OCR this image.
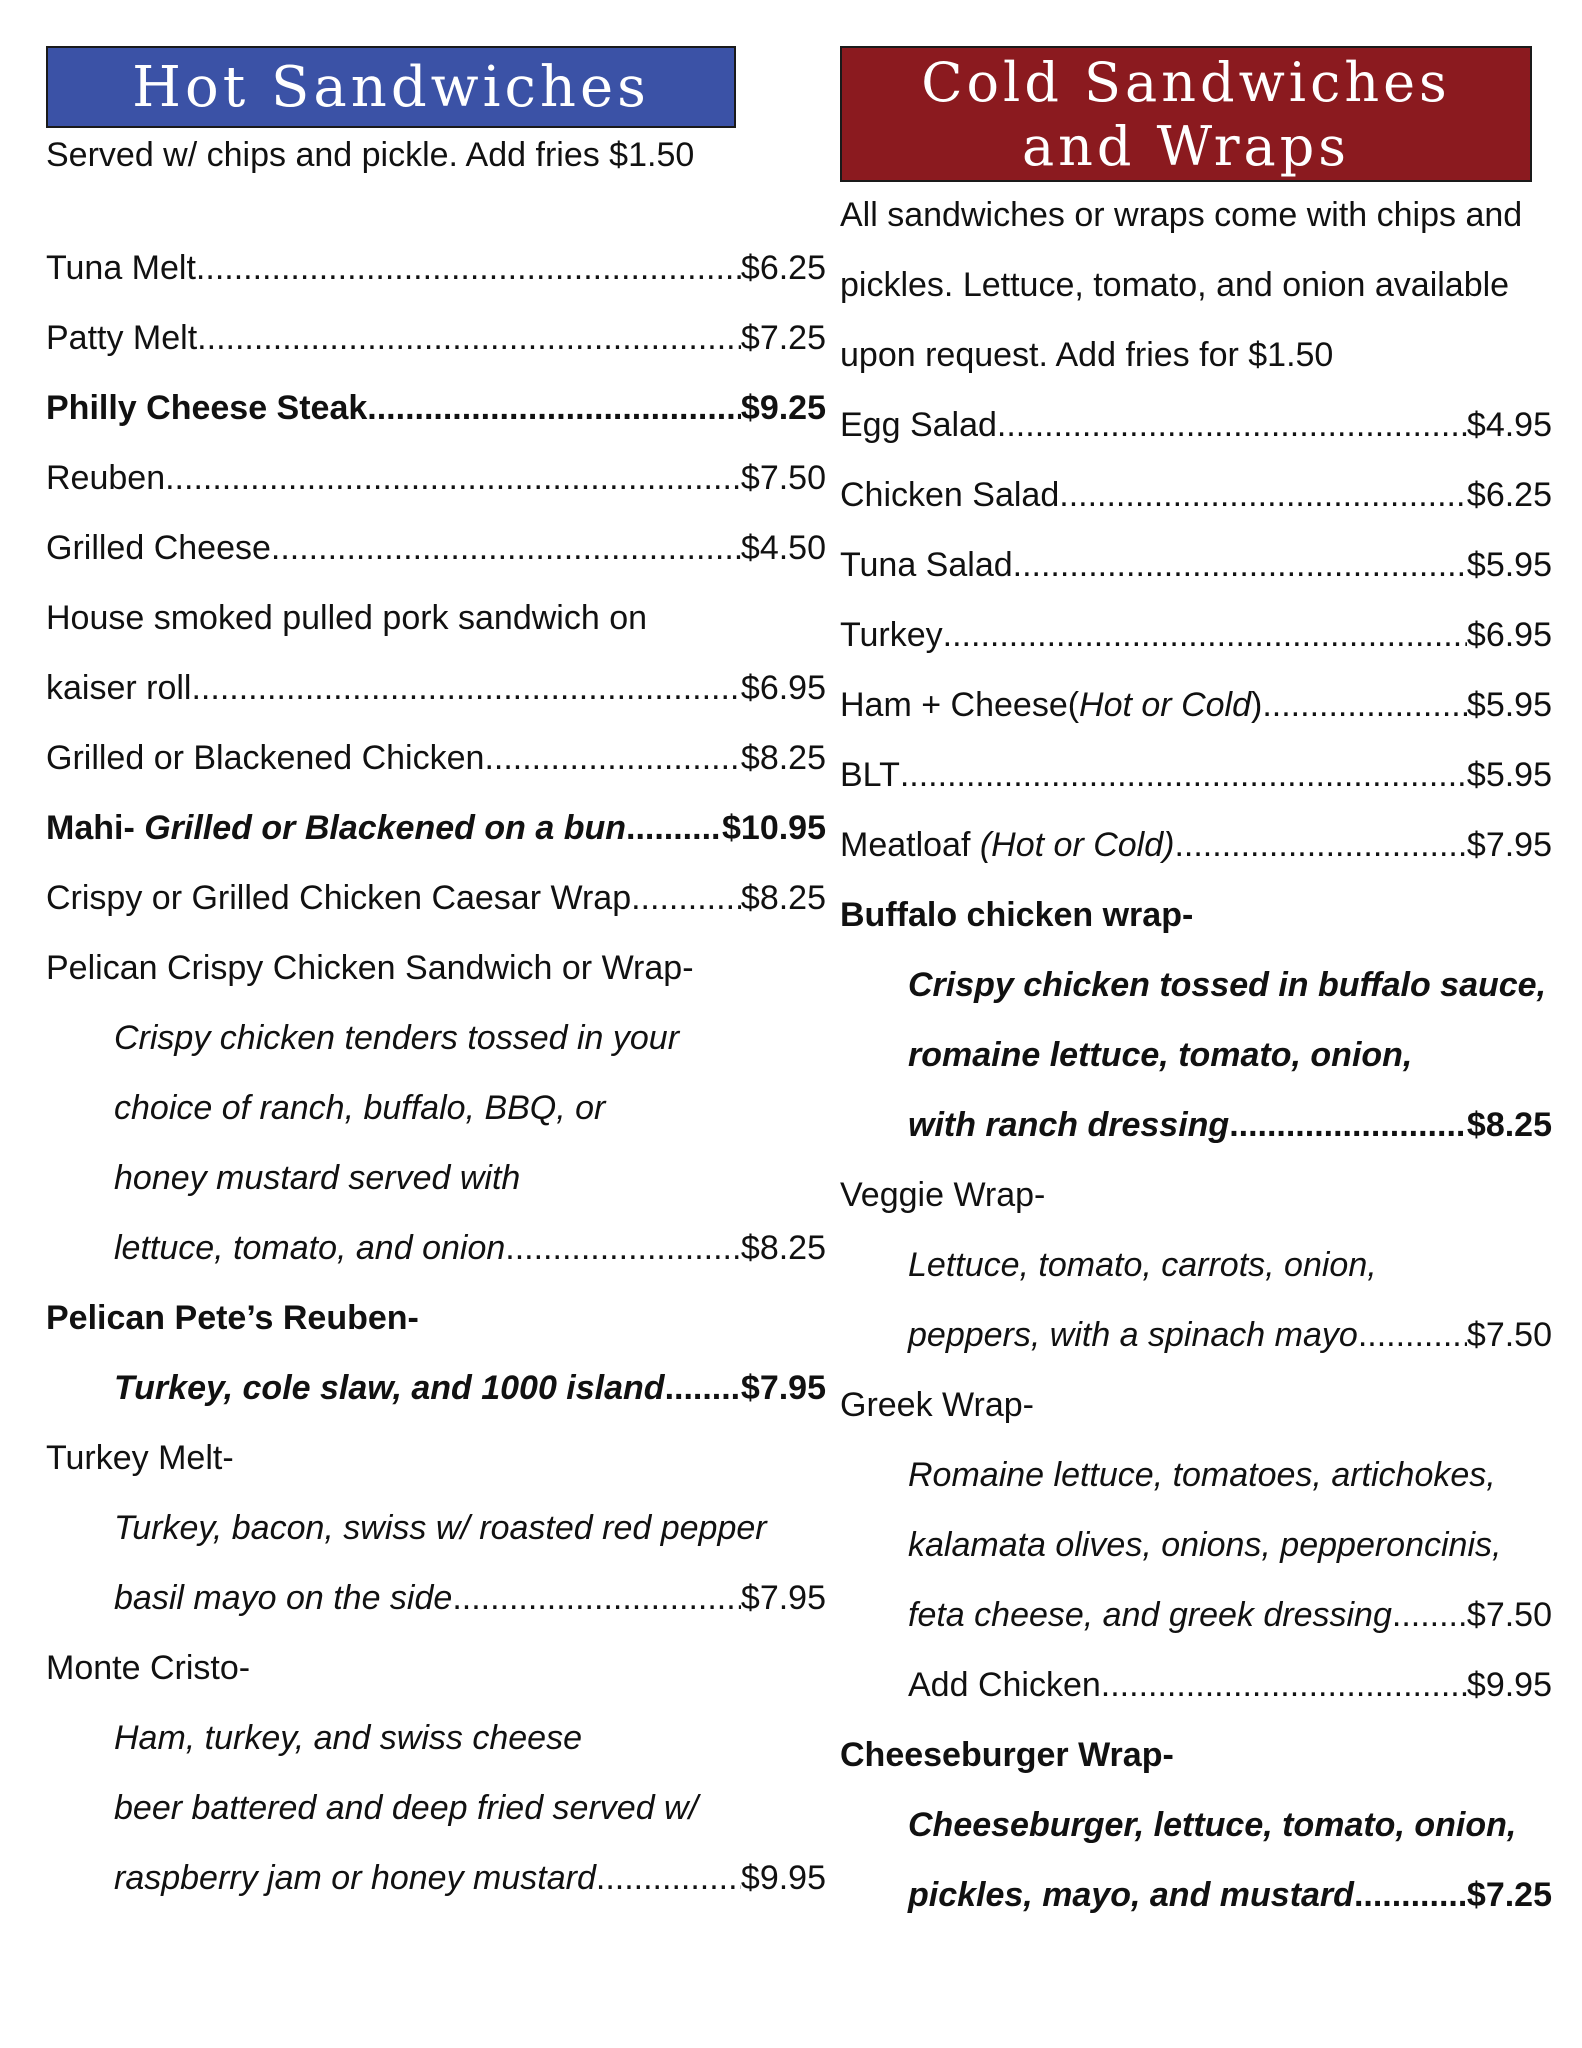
Hot Sandwiches
Served w/ chips and pickle. Add fries $1.50
Tuna Melt .....	$6.25
Patty Melt .....	$7.25
Philly Cheese Steak .....	$9.25
Reuben .....	$7.50
Grilled Cheese .....	$4.50
House smoked pulled pork sandwich on
kaiser roll .....	$6.95
Grilled or Blackened Chicken .....	$8.25
Mahi-
Grilled or Blackened on a bun .....	$10.95
Crispy or Grilled Chicken Caesar Wrap .....	$8.25
Pelican Crispy Chicken Sandwich or Wrap-
Crispy chicken tenders tossed in your
choice of ranch, buffalo, BBQ, or
honey mustard served with
lettuce, tomato, and onion .....	$8.25
Pelican Pete’s Reuben-
Turkey, cole slaw, and 1000 island ..... $7.95
Turkey Melt-
Turkey, bacon, swiss w/ roasted red pepper
basil mayo on the side .....	$7.95
Monte Cristo-
Ham, turkey, and swiss cheese
beer battered and deep fried served w/
raspberry jam or honey mustard .....	$9.95
Cold Sandwiches
and Wraps
All sandwiches or wraps come with chips and pickles. Lettuce, tomato, and onion available upon request. Add fries for $1.50
Egg Salad .....	$4.95
Chicken Salad .....	$6.25
Tuna Salad .....	$5.95
Turkey .....	$6.95
Ham + Cheese( Hot or Cold ) .....	$5.95
BLT .....	$5.95
Meatloaf
(Hot or Cold) .....	$7.95
Buffalo chicken wrap-
Crispy chicken tossed in buffalo sauce,
romaine lettuce, tomato, onion,
with ranch dressing .....	$8.25
Veggie Wrap-
Lettuce, tomato, carrots, onion,
peppers, with a spinach mayo .....	$7.50
Greek Wrap-
Romaine lettuce, tomatoes, artichokes,
kalamata olives, onions, pepperoncinis,
feta cheese, and greek dressing ..... $7.50
Add Chicken .....	$9.95
Cheeseburger Wrap-
Cheeseburger, lettuce, tomato, onion,
pickles, mayo, and mustard .....	$7.25
